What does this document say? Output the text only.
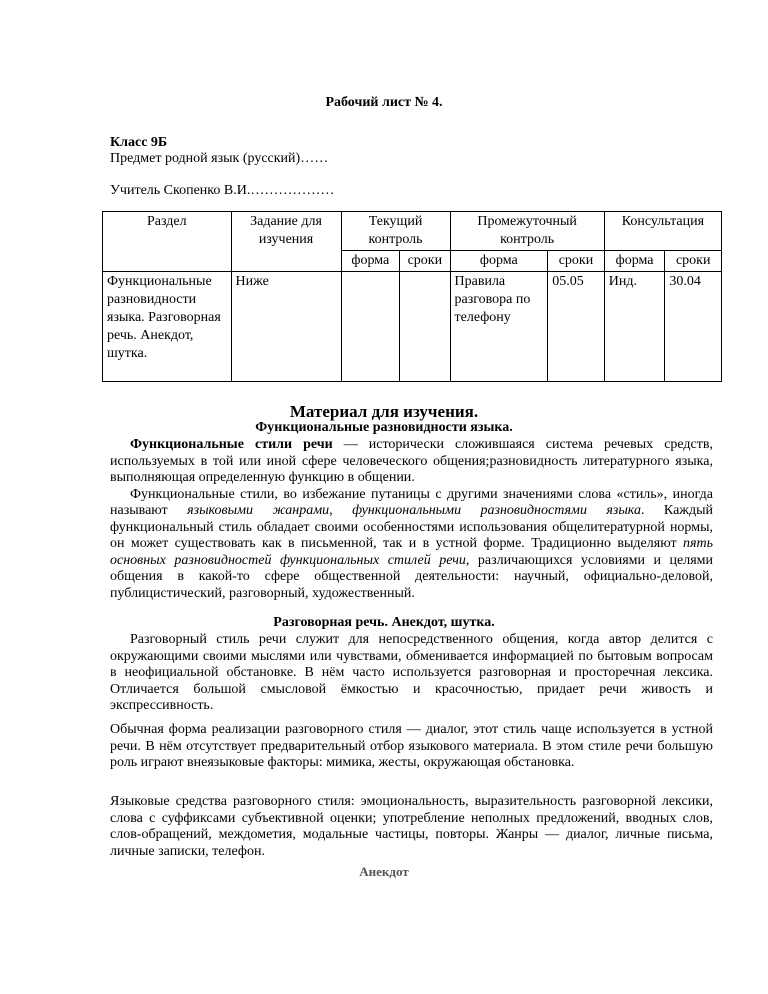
Рабочий лист № 4.
Класс 9Б
Предмет родной язык (русский)……
Учитель Скопенко В.И.………………
Раздел	Задание для изучения	Текущий контроль		Промежуточный контроль		Консультация	
		форма	сроки	форма	сроки	форма	сроки
Функциональные разновидности языка. Разговорная речь. Анекдот, шутка.	Ниже			Правила разговора по телефону	05.05	Инд.	30.04
Материал для изучения.
Функциональные разновидности языка.

Функциональные стили речи — исторически сложившаяся система речевых средств, используемых в той или иной сфере человеческого общения;разновидность литературного языка, выполняющая определенную функцию в общении.

Функциональные стили, во избежание путаницы с другими значениями слова «стиль», иногда называют языковыми жанрами, функциональными разновидностями языка. Каждый функциональный стиль обладает своими особенностями использования общелитературной нормы, он может существовать как в письменной, так и в устной форме. Традиционно выделяют пять основных разновидностей функциональных стилей речи, различающихся условиями и целями общения в какой-то сфере общественной деятельности: научный, официально-деловой, публицистический, разговорный, художественный.

Разговорная речь. Анекдот, шутка.

Разговорный стиль речи служит для непосредственного общения, когда автор делится с окружающими своими мыслями или чувствами, обменивается информацией по бытовым вопросам в неофициальной обстановке. В нём часто используется разговорная и просторечная лексика. Отличается большой смысловой ёмкостью и красочностью, придает речи живость и экспрессивность.

Обычная форма реализации разговорного стиля — диалог, этот стиль чаще используется в устной речи. В нём отсутствует предварительный отбор языкового материала. В этом стиле речи большую роль играют внеязыковые факторы: мимика, жесты, окружающая обстановка.

Языковые средства разговорного стиля: эмоциональность, выразительность разговорной лексики, слова с суффиксами субъективной оценки; употребление неполных предложений, вводных слов, слов-обращений, междометия, модальные частицы, повторы. Жанры — диалог, личные письма, личные записки, телефон.

Анекдот
